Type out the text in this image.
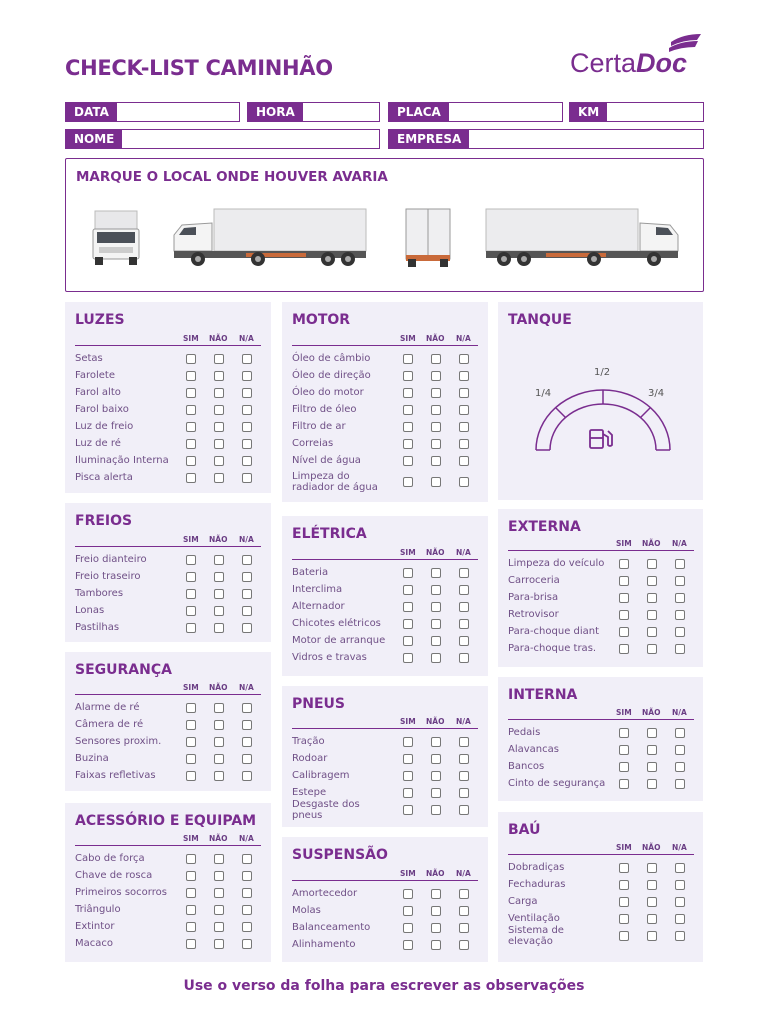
CHECK-LIST CAMINHÃO	CertaDoc
DATA	HORA	PLACA	KM
NOME	EMPRESA
MARQUE O LOCAL ONDE HOUVER AVARIA
LUZES
SIM NÃO N/A
Setas
Farolete
Farol alto
Farol baixo
Luz de freio
Luz de ré
Iluminação Interna
Pisca alerta
MOTOR
SIM NÃO N/A
Óleo de câmbio
Óleo de direção
Óleo do motor
Filtro de óleo
Filtro de ar
Correias
Nível de água
Limpeza do radiador de água
TANQUE
1/2
1/4	3/4
FREIOS
SIM NÃO N/A
Freio dianteiro
Freio traseiro
Tambores
Lonas
Pastilhas
ELÉTRICA
SIM NÃO N/A
Bateria
Interclima
Alternador
Chicotes elétricos
Motor de arranque
Vidros e travas
EXTERNA
SIM NÃO N/A
Limpeza do veículo
Carroceria
Para-brisa
Retrovisor
Para-choque diant
Para-choque tras.
SEGURANÇA
SIM NÃO N/A
Alarme de ré
Câmera de ré
Sensores proxim.
Buzina
Faixas refletivas
PNEUS
SIM NÃO N/A
Tração
Rodoar
Calibragem
Estepe
Desgaste dos pneus
INTERNA
SIM NÃO N/A
Pedais
Alavancas
Bancos
Cinto de segurança
ACESSÓRIO E EQUIPAM
SIM NÃO N/A
Cabo de força
Chave de rosca
Primeiros socorros
Triângulo
Extintor
Macaco
SUSPENSÃO
SIM NÃO N/A
Amortecedor
Molas
Balanceamento
Alinhamento
BAÚ
SIM NÃO N/A
Dobradiças
Fechaduras
Carga
Ventilação
Sistema de elevação
Use o verso da folha para escrever as observações
